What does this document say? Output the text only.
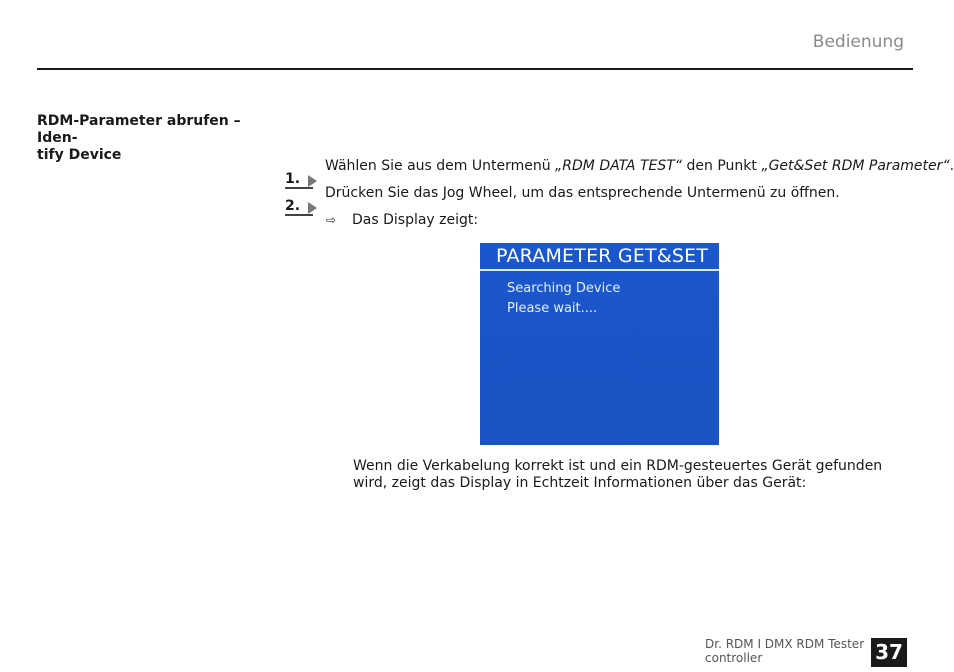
Bedienung
RDM-Parameter abrufen – Iden-
tify Device
1.
Wählen Sie aus dem Untermenü „RDM DATA TEST“ den Punkt „Get&Set RDM Parameter“.
2.
Drücken Sie das Jog Wheel, um das entsprechende Untermenü zu öffnen.
⇨ Das Display zeigt:
PARAMETER GET&SET
Searching Device
Please wait....
Wenn die Verkabelung korrekt ist und ein RDM-gesteuertes Gerät gefunden wird, zeigt das Display in Echtzeit Informationen über das Gerät:
Dr. RDM I DMX RDM Tester
controller	37
